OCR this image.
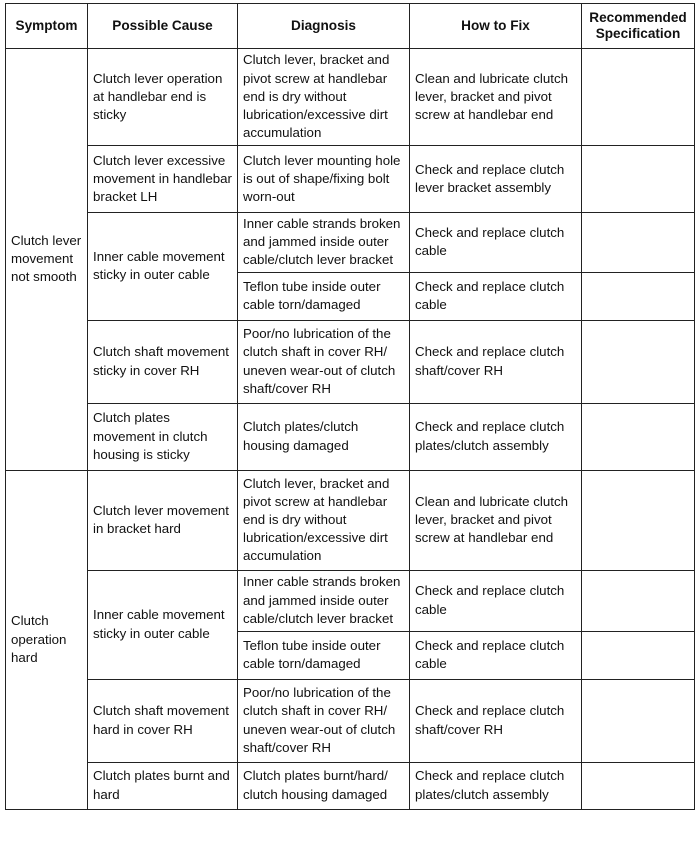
Symptom	Possible Cause	Diagnosis	How to Fix	Recommended Specification
Clutch lever movement not smooth	Clutch lever operation at handlebar end is sticky	Clutch lever, bracket and pivot screw at handlebar end is dry without lubrication/excessive dirt accumulation	Clean and lubricate clutch lever, bracket and pivot screw at handlebar end	
	Clutch lever excessive movement in handlebar bracket LH	Clutch lever mounting hole is out of shape/fixing bolt worn-out	Check and replace clutch lever bracket assembly	
	Inner cable movement sticky in outer cable	Inner cable strands broken and jammed inside outer cable/clutch lever bracket	Check and replace clutch cable	
		Teflon tube inside outer cable torn/damaged	Check and replace clutch cable	
	Clutch shaft movement sticky in cover RH	Poor/no lubrication of the clutch shaft in cover RH/ uneven wear-out of clutch shaft/cover RH	Check and replace clutch shaft/cover RH	
	Clutch plates movement in clutch housing is sticky	Clutch plates/clutch housing damaged	Check and replace clutch plates/clutch assembly	
Clutch operation hard	Clutch lever movement in bracket hard	Clutch lever, bracket and pivot screw at handlebar end is dry without lubrication/excessive dirt accumulation	Clean and lubricate clutch lever, bracket and pivot screw at handlebar end	
	Inner cable movement sticky in outer cable	Inner cable strands broken and jammed inside outer cable/clutch lever bracket	Check and replace clutch cable	
		Teflon tube inside outer cable torn/damaged	Check and replace clutch cable	
	Clutch shaft movement hard in cover RH	Poor/no lubrication of the clutch shaft in cover RH/ uneven wear-out of clutch shaft/cover RH	Check and replace clutch shaft/cover RH	
	Clutch plates burnt and hard	Clutch plates burnt/hard/ clutch housing damaged	Check and replace clutch plates/clutch assembly	
